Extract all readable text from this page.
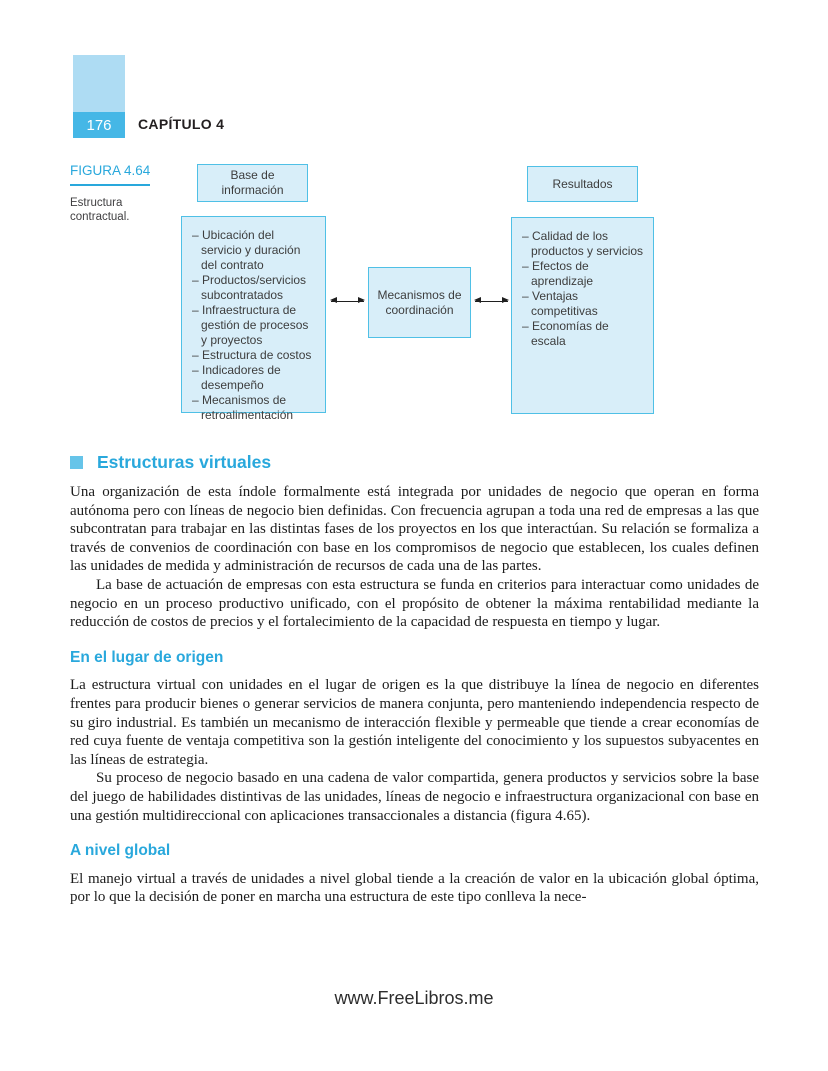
176 CAPÍTULO 4
FIGURA 4.64
Estructura contractual.
Base de información	Resultados
Mecanismos de coordinación
– Ubicación del servicio y duración del contrato
– Productos/servicios subcontratados
– Infraestructura de gestión de procesos y proyectos
– Estructura de costos
– Indicadores de desempeño
– Mecanismos de retroalimentación
– Calidad de los productos y servicios
– Efectos de aprendizaje
– Ventajas competitivas
– Economías de escala
Estructuras virtuales

Una organización de esta índole formalmente está integrada por unidades de negocio que operan en forma autónoma pero con líneas de negocio bien definidas. Con frecuencia agrupan a toda una red de empresas a las que subcontratan para trabajar en las distintas fases de los proyectos en los que interactúan. Su relación se formaliza a través de convenios de coordinación con base en los compromisos de negocio que establecen, los cuales definen las unidades de medida y administración de recursos de cada una de las partes.

La base de actuación de empresas con esta estructura se funda en criterios para interactuar como unidades de negocio en un proceso productivo unificado, con el propósito de obtener la máxima rentabilidad mediante la reducción de costos de precios y el fortalecimiento de la capacidad de respuesta en tiempo y lugar.

En el lugar de origen

La estructura virtual con unidades en el lugar de origen es la que distribuye la línea de negocio en diferentes frentes para producir bienes o generar servicios de manera conjunta, pero manteniendo independencia respecto de su giro industrial. Es también un mecanismo de interacción flexible y permeable que tiende a crear economías de red cuya fuente de ventaja competitiva son la gestión inteligente del conocimiento y los supuestos subyacentes en las líneas de estrategia.

Su proceso de negocio basado en una cadena de valor compartida, genera productos y servicios sobre la base del juego de habilidades distintivas de las unidades, líneas de negocio e infraestructura organizacional con base en una gestión multidireccional con aplicaciones transaccionales a distancia (figura 4.65).

A nivel global

El manejo virtual a través de unidades a nivel global tiende a la creación de valor en la ubicación global óptima, por lo que la decisión de poner en marcha una estructura de este tipo conlleva la nece-

www.FreeLibros.me
